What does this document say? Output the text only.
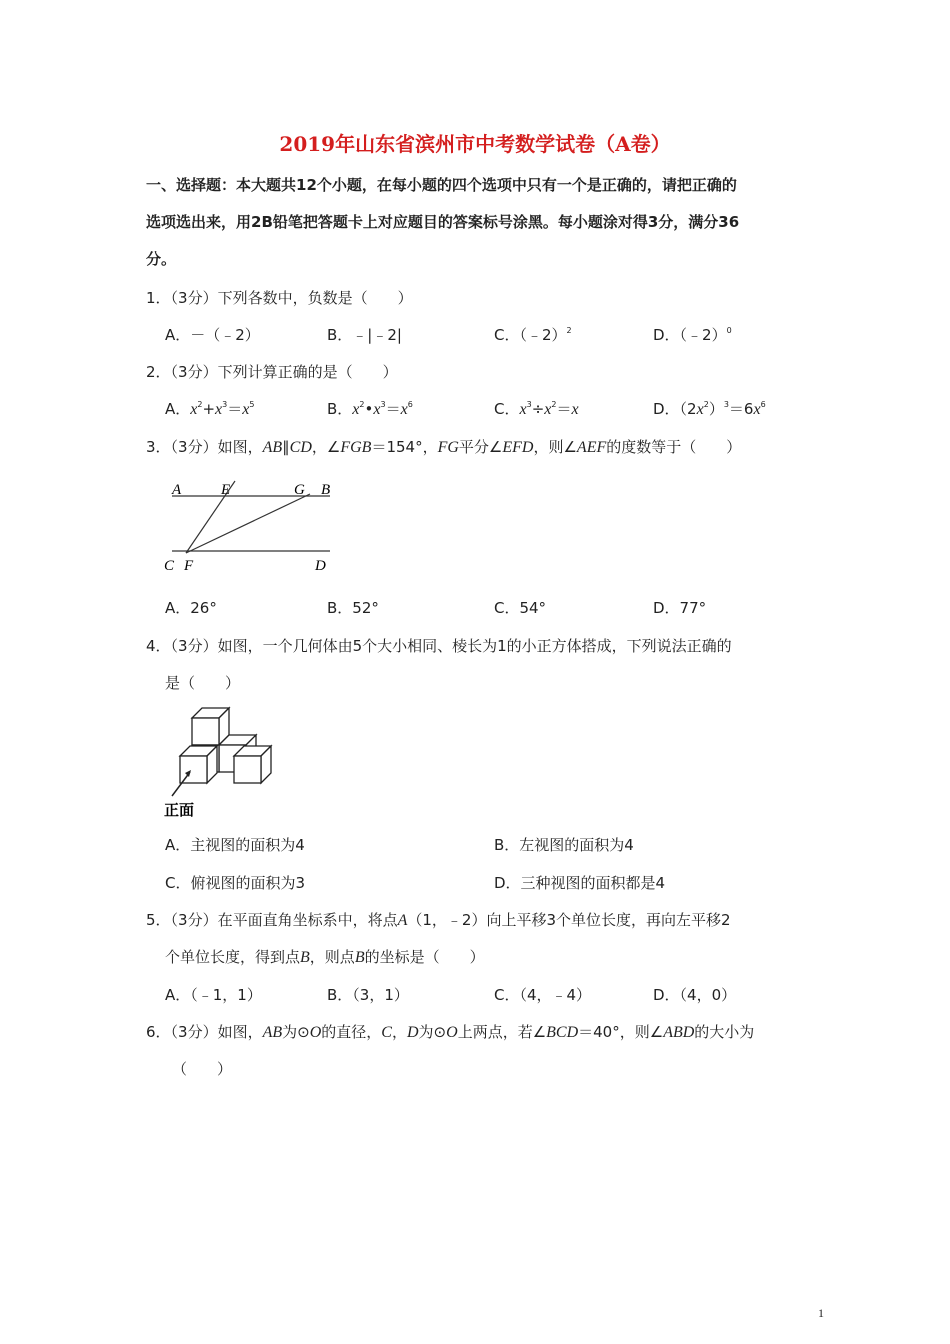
2019年山东省滨州市中考数学试卷（A卷）
一、选择题：本大题共12个小题，在每小题的四个选项中只有一个是正确的，请把正确的
选项选出来，用2B铅笔把答题卡上对应题目的答案标号涂黑。每小题涂对得3分，满分36
分。
1．（3分）下列各数中，负数是（　　）
A．－（﹣2）	B．﹣|﹣2|	C．（﹣2）$^2$	D．（﹣2）$^0$
2．（3分）下列计算正确的是（　　）
A．$x^2+x^3=x^5$	B．$x^2•x^3=x^6$	C．$x^3\div x^2=x$	D．$(2x^2)^3=6x^6$
3．（3分）如图，AB∥CD，∠FGB＝154°，FG平分∠EFD，则∠AEF的度数等于（　　）
A	E	G B
C F	D
A．26°	B．52°	C．54°	D．77°
4．（3分）如图，一个几何体由5个大小相同、棱长为1的小正方体搭成，下列说法正确的
是（　　）
正面
A．主视图的面积为4	B．左视图的面积为4
C．俯视图的面积为3	D．三种视图的面积都是4
5．（3分）在平面直角坐标系中，将点A（1，﹣2）向上平移3个单位长度，再向左平移2
个单位长度，得到点B，则点B的坐标是（　　）
A．（﹣1，1）	B．（3，1）	C．（4，﹣4）	D．（4，0）
6．（3分）如图，AB为⊙O的直径，C，D为⊙O上两点，若∠BCD＝40°，则∠ABD的大小为
（　　）
1
